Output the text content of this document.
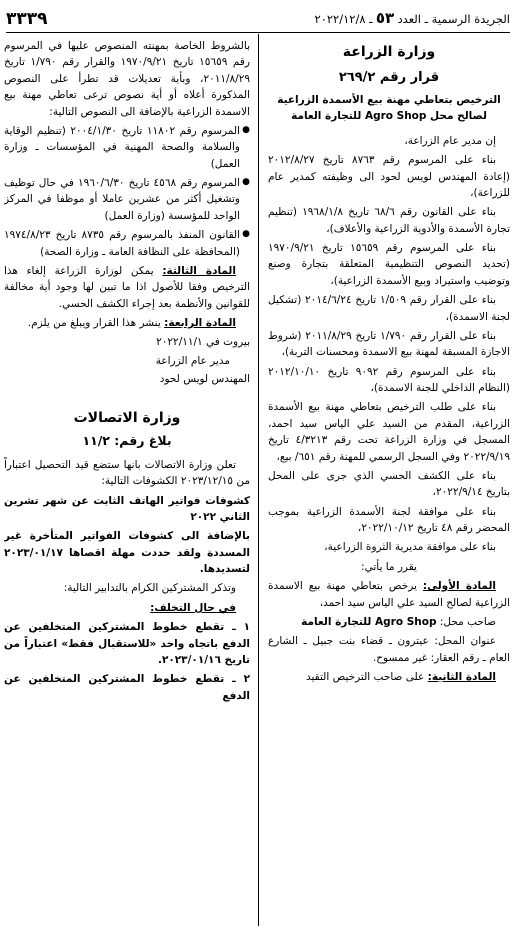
الجريدة الرسمية ـ العدد ٥٣ ـ ٢٠٢٢/١٢/٨
٣٣٣٩
وزارة الزراعة
قرار رقم ٢٦٩/٢
الترخيص بتعاطي مهنة بيع الأسمدة الزراعية
لصالح محل Agro Shop للتجارة العامة

إن مدير عام الزراعة،

بناء على المرسوم رقم ٨٧٦٣ تاريخ ٢٠١٢/٨/٢٧ (إعادة المهندس لويس لحود الى وظيفته كمدير عام للزراعة)،

بناء على القانون رقم ٦٨/٦ تاريخ ١٩٦٨/١/٨ (تنظيم تجارة الأسمدة والأدوية الزراعية والأعلاف)،

بناء على المرسوم رقم ١٥٦٥٩ تاريخ ١٩٧٠/٩/٢١ (تحديد النصوص التنظيمية المتعلقة بتجارة وصنع وتوضيب واستيراد وبيع الأسمدة الزراعية)،

بناء على القرار رقم ١/٥٠٩ تاريخ ٢٠١٤/٦/٢٤ (تشكيل لجنة الاسمدة)،

بناء على القرار رقم ١/٧٩٠ تاريخ ٢٠١١/٨/٢٩ (شروط الاجازة المسبقة لمهنة بيع الاسمدة ومحسنات التربة)،

بناء على المرسوم رقم ٩٠٩٢ تاريخ ٢٠١٢/١٠/١٠ (النظام الداخلي للجنة الاسمدة)،

بناء على طلب الترخيص بتعاطي مهنة بيع الأسمدة الزراعية، المقدم من السيد علي الياس سيد احمد، المسجل في وزارة الزراعة تحت رقم ٤/٣٢١٣ تاريخ ٢٠٢٢/٩/١٩ وفي السجل الرسمي للمهنة رقم ٦٥١/ بيع،

بناء على الكشف الحسي الذي جرى على المحل بتاريخ ٢٠٢٢/٩/١٤،

بناء على موافقة لجنة الأسمدة الزراعية بموجب المحضر رقم ٤٨ تاريخ ٢٠٢٢/١٠/١٢،

بناء على موافقة مديرية الثروة الزراعية،

يقرر ما يأتي:

المادة الأولى: يرخص بتعاطي مهنة بيع الاسمدة الزراعية لصالح السيد علي الياس سيد احمد،

صاحب محل: Agro Shop للتجارة العامة

عنوان المحل: عيترون ـ قضاء بنت جبيل ـ الشارع العام ـ رقم العقار: غير ممسوح.

المادة الثانية: على صاحب الترخيص التقيد

بالشروط الخاصة بمهنته المنصوص عليها في المرسوم رقم ١٥٦٥٩ تاريخ ١٩٧٠/٩/٢١ والقرار رقم ١/٧٩٠ تاريخ ٢٠١١/٨/٢٩، وبأية تعديلات قد تطرأ على النصوص المذكورة أعلاه أو أية نصوص ترعى تعاطي مهنة بيع الاسمدة الزراعية بالإضافة الى النصوص التالية:

● المرسوم رقم ١١٨٠٢ تاريخ ٢٠٠٤/١/٣٠ (تنظيم الوقاية والسلامة والصحة المهنية في المؤسسات ـ وزارة العمل)

● المرسوم رقم ٤٥٦٨ تاريخ ١٩٦٠/٦/٣٠ في حال توظيف وتشغيل أكثر من عشرين عاملا أو موظفا في المركز الواحد للمؤسسة (وزارة العمل)

● القانون المنفذ بالمرسوم رقم ٨٧٣٥ تاريخ ١٩٧٤/٨/٢٣ (المحافظة على النظافة العامة ـ وزارة الصحة)

المادة الثالثة: يمكن لوزارة الزراعة إلغاء هذا الترخيص وفقا للأصول اذا ما تبين لها وجود أية مخالفة للقوانين والأنظمة بعد إجراء الكشف الحسي.

المادة الرابعة: ينشر هذا القرار ويبلغ من يلزم.

بيروت في ٢٠٢٢/١١/١
مدير عام الزراعة
المهندس لويس لحود
وزارة الاتصالات
بلاغ رقم: ١١/٢

تعلن وزارة الاتصالات بانها ستضع قيد التحصيل اعتباراً من ٢٠٢٣/١٢/١٥ الكشوفات التالية:

كشوفات فواتير الهاتف الثابت عن شهر تشرين الثاني ٢٠٢٢

بالإضافة الى كشوفات الفواتير المتأخرة غير المسددة ولقد حددت مهلة اقصاها ٢٠٢٣/٠١/١٧ لتسديدها.

وتذكر المشتركين الكرام بالتدابير التالية:

في حال التخلف:

١ ـ تقطع خطوط المشتركين المتخلفين عن الدفع باتجاه واحد «للاستقبال فقط» اعتباراً من تاريخ ٢٠٢٣/٠١/١٦.

٢ ـ تقطع خطوط المشتركين المتخلفين عن الدفع
